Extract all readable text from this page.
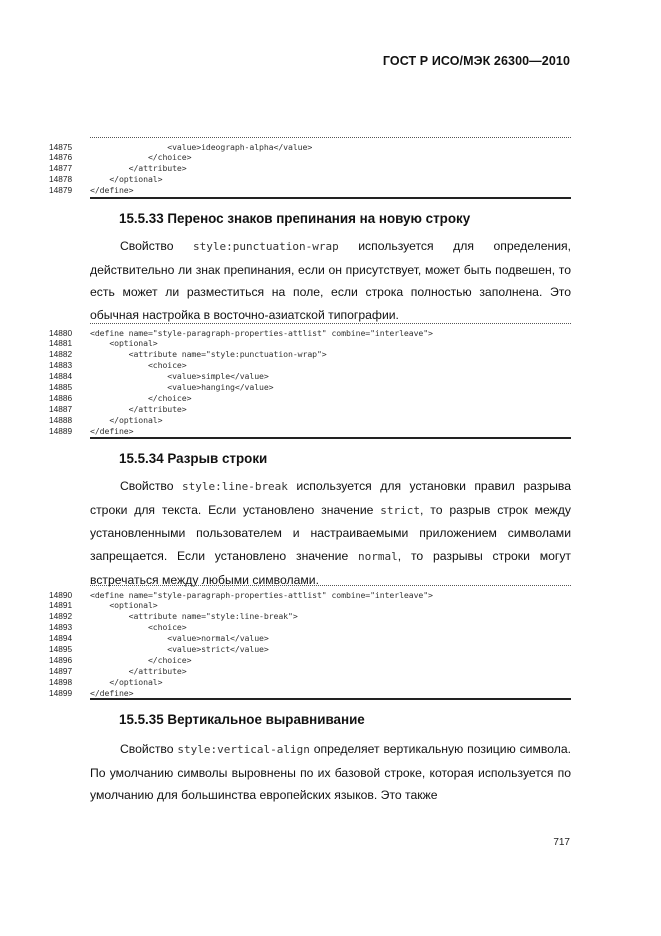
ГОСТ Р ИСО/МЭК 26300—2010
14875	<value>ideograph-alpha</value>
14876	</choice>
14877	</attribute>
14878	</optional>
14879	</define>
15.5.33 Перенос знаков препинания на новую строку
Свойство style:punctuation-wrap используется для определения, действительно ли знак препинания, если он присутствует, может быть подвешен, то есть может ли разместиться на поле, если строка полностью заполнена. Это обычная настройка в восточно-азиатской типографии.
14880	<define name="style-paragraph-properties-attlist" combine="interleave">
14881	<optional>
14882	<attribute name="style:punctuation-wrap">
14883	<choice>
14884	<value>simple</value>
14885	<value>hanging</value>
14886	</choice>
14887	</attribute>
14888	</optional>
14889	</define>
15.5.34 Разрыв строки
Свойство style:line-break используется для установки правил разрыва строки для текста. Если установлено значение strict, то разрыв строк между установленными пользователем и настраиваемыми приложением символами запрещается. Если установлено значение normal, то разрывы строки могут встречаться между любыми символами.
14890	<define name="style-paragraph-properties-attlist" combine="interleave">
14891	<optional>
14892	<attribute name="style:line-break">
14893	<choice>
14894	<value>normal</value>
14895	<value>strict</value>
14896	</choice>
14897	</attribute>
14898	</optional>
14899	</define>
15.5.35 Вертикальное выравнивание
Свойство style:vertical-align определяет вертикальную позицию символа. По умолчанию символы выровнены по их базовой строке, которая используется по умолчанию для большинства европейских языков. Это также
717
